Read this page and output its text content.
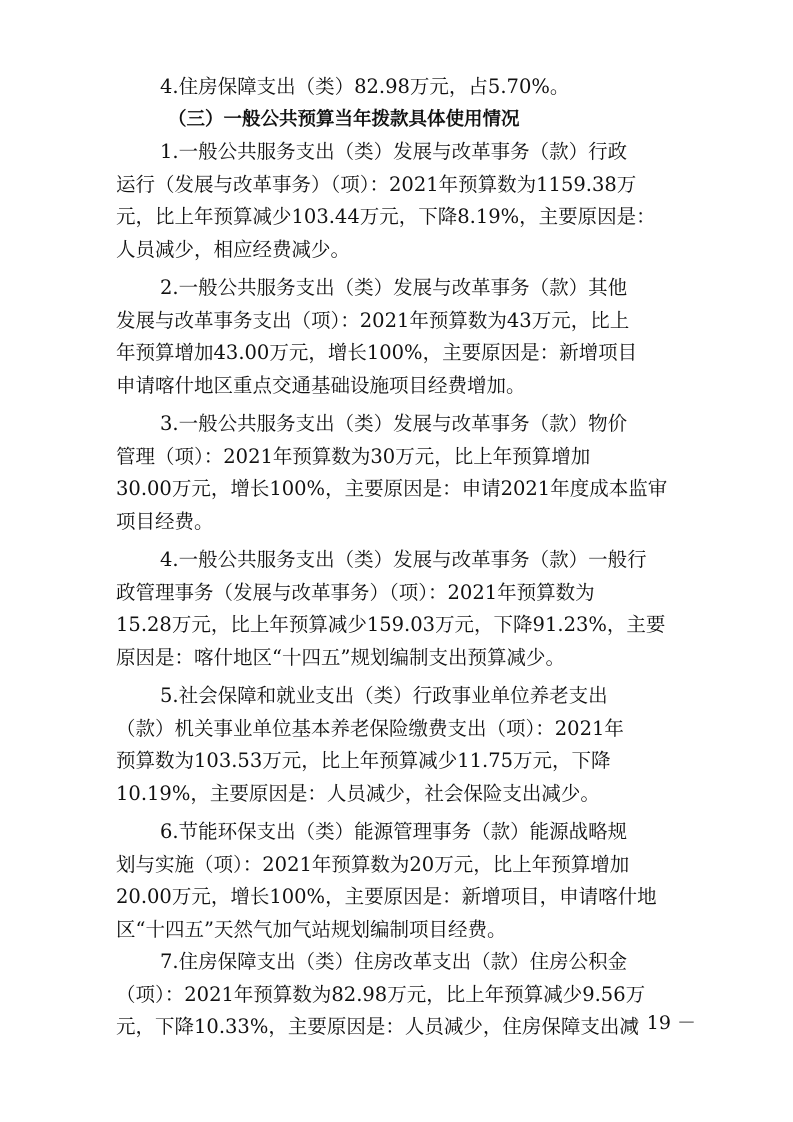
4.住房保障支出（类）82.98万元，占5.70%。
（三）一般公共预算当年拨款具体使用情况
1.一般公共服务支出（类）发展与改革事务（款）行政
运行（发展与改革事务）（项）：2021年预算数为1159.38万
元，比上年预算减少103.44万元，下降8.19%，主要原因是：
人员减少，相应经费减少。
2.一般公共服务支出（类）发展与改革事务（款）其他
发展与改革事务支出（项）：2021年预算数为43万元，比上
年预算增加43.00万元，增长100%，主要原因是：新增项目
申请喀什地区重点交通基础设施项目经费增加。
3.一般公共服务支出（类）发展与改革事务（款）物价
管理（项）：2021年预算数为30万元，比上年预算增加
30.00万元，增长100%，主要原因是：申请2021年度成本监审
项目经费。
4.一般公共服务支出（类）发展与改革事务（款）一般行
政管理事务（发展与改革事务）（项）：2021年预算数为
15.28万元，比上年预算减少159.03万元，下降91.23%，主要
原因是：喀什地区“十四五”规划编制支出预算减少。
5.社会保障和就业支出（类）行政事业单位养老支出
（款）机关事业单位基本养老保险缴费支出（项）：2021年
预算数为103.53万元，比上年预算减少11.75万元，下降
10.19%，主要原因是：人员减少，社会保险支出减少。
6.节能环保支出（类）能源管理事务（款）能源战略规
划与实施（项）：2021年预算数为20万元，比上年预算增加
20.00万元，增长100%，主要原因是：新增项目，申请喀什地
区“十四五”天然气加气站规划编制项目经费。
7.住房保障支出（类）住房改革支出（款）住房公积金
（项）：2021年预算数为82.98万元，比上年预算减少9.56万
元，下降10.33%，主要原因是：人员减少，住房保障支出减
－ 19 －
